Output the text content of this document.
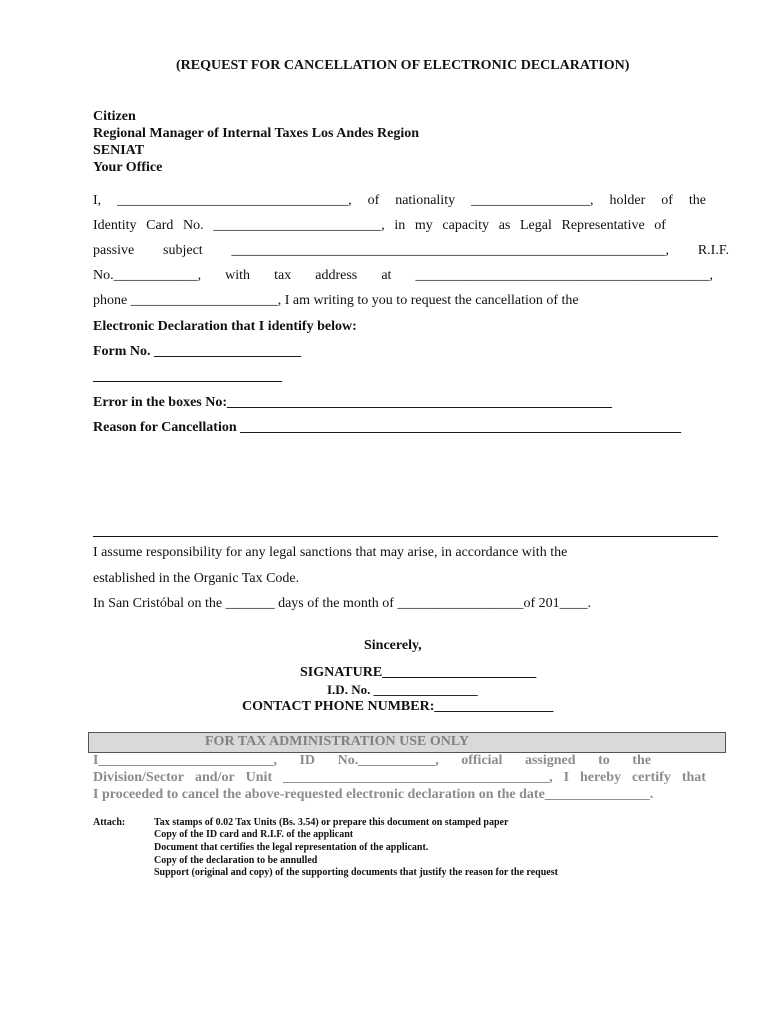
(REQUEST FOR CANCELLATION OF ELECTRONIC DECLARATION)
Citizen
Regional Manager of Internal Taxes Los Andes Region
SENIAT
Your Office
I, _________________________________, of nationality _________________, holder of the
Identity Card No. ________________________, in my capacity as Legal Representative of
passive subject ______________________________________________________________, R.I.F.
No.____________, with tax address at __________________________________________,
phone _____________________, I am writing to you to request the cancellation of the
Electronic Declaration that I identify below:
Form No. _____________________
___________________________
Error in the boxes No:_______________________________________________________
Reason for Cancellation _______________________________________________________________
I assume responsibility for any legal sanctions that may arise, in accordance with the
established in the Organic Tax Code.
In San Cristóbal on the _______ days of the month of __________________of 201____.
Sincerely,
SIGNATURE______________________
I.D. No. ________________
CONTACT PHONE NUMBER:_________________
FOR TAX ADMINISTRATION USE ONLY
I_________________________, ID No.___________, official assigned to the
Division/Sector and/or Unit ______________________________________, I hereby certify that
I proceeded to cancel the above-requested electronic declaration on the date_______________.
Attach:	Tax stamps of 0.02 Tax Units (Bs. 3.54) or prepare this document on stamped paper
Copy of the ID card and R.I.F. of the applicant
Document that certifies the legal representation of the applicant.
Copy of the declaration to be annulled
Support (original and copy) of the supporting documents that justify the reason for the request
